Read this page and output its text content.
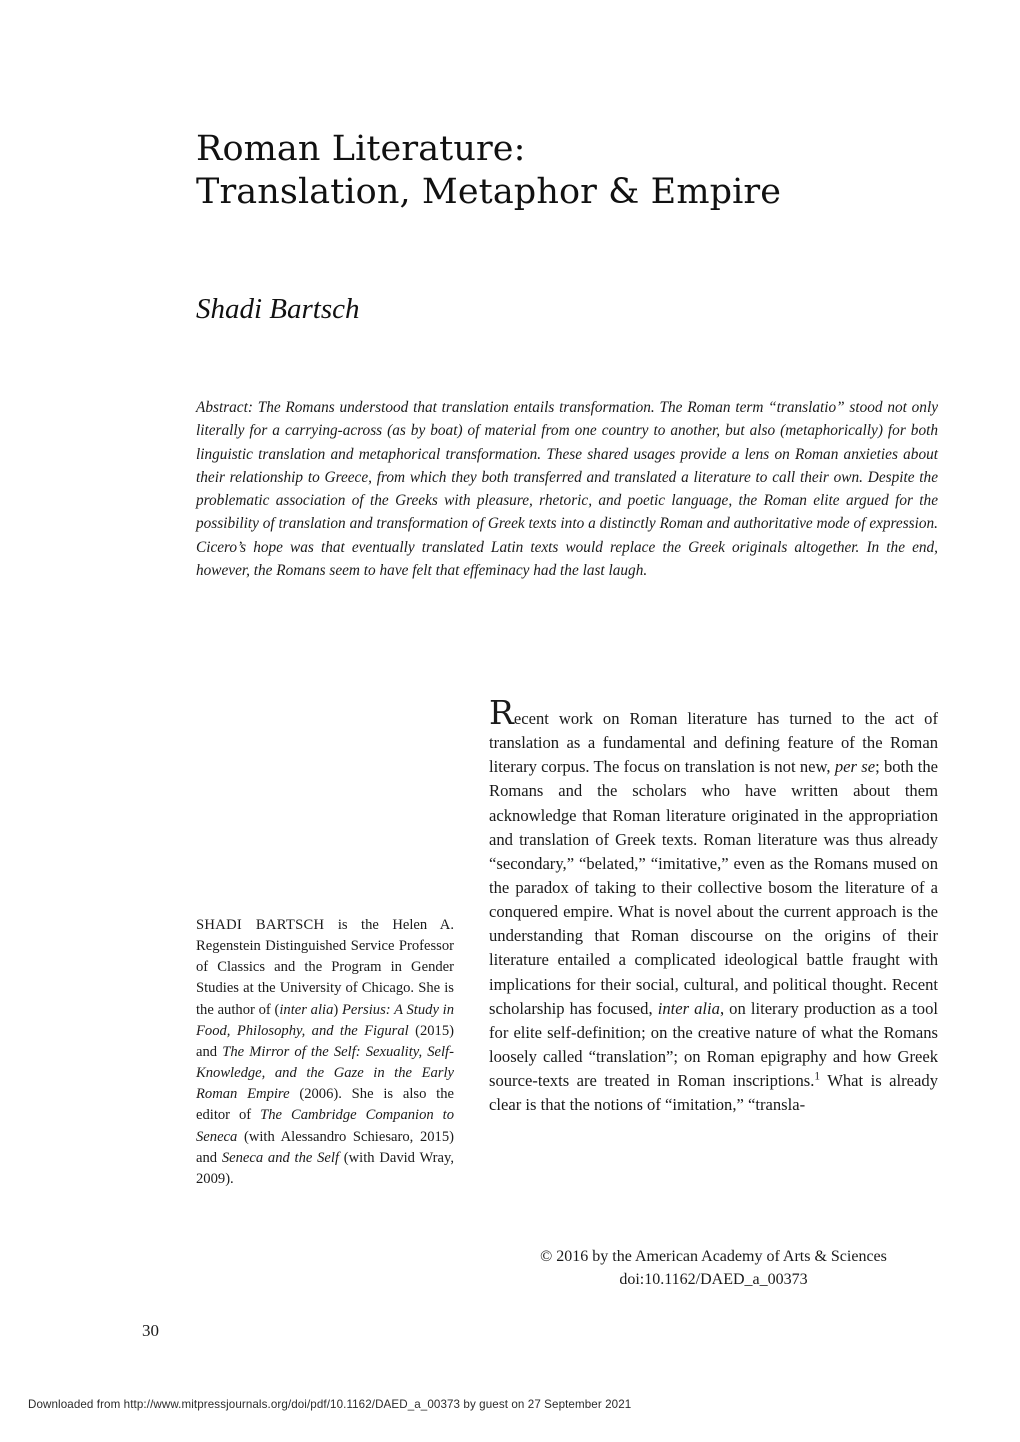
Roman Literature:
Translation, Metaphor & Empire
Shadi Bartsch
Abstract: The Romans understood that translation entails transformation. The Roman term “translatio” stood not only literally for a carrying-across (as by boat) of material from one country to another, but also (metaphorically) for both linguistic translation and metaphorical transformation. These shared usages provide a lens on Roman anxieties about their relationship to Greece, from which they both transferred and translated a literature to call their own. Despite the problematic association of the Greeks with pleasure, rhetoric, and poetic language, the Roman elite argued for the possibility of translation and transformation of Greek texts into a distinctly Roman and authoritative mode of expression. Cicero’s hope was that eventually translated Latin texts would replace the Greek originals altogether. In the end, however, the Romans seem to have felt that effeminacy had the last laugh.
SHADI BARTSCH is the Helen A. Regenstein Distinguished Service Professor of Classics and the Program in Gender Studies at the University of Chicago. She is the author of (inter alia) Persius: A Study in Food, Philosophy, and the Figural (2015) and The Mirror of the Self: Sexuality, Self-Knowledge, and the Gaze in the Early Roman Empire (2006). She is also the editor of The Cambridge Companion to Seneca (with Alessandro Schiesaro, 2015) and Seneca and the Self (with David Wray, 2009).
Recent work on Roman literature has turned to the act of translation as a fundamental and defining feature of the Roman literary corpus. The focus on translation is not new, per se; both the Romans and the scholars who have written about them acknowledge that Roman literature originated in the appropriation and translation of Greek texts. Roman literature was thus already “secondary,” “belated,” “imitative,” even as the Romans mused on the paradox of taking to their collective bosom the literature of a conquered empire. What is novel about the current approach is the understanding that Roman discourse on the origins of their literature entailed a complicated ideological battle fraught with implications for their social, cultural, and political thought. Recent scholarship has focused, inter alia, on literary production as a tool for elite self-definition; on the creative nature of what the Romans loosely called “translation”; on Roman epigraphy and how Greek source-texts are treated in Roman inscriptions.$^1$ What is already clear is that the notions of “imitation,” “transla-
© 2016 by the American Academy of Arts & Sciences
doi:10.1162/DAED_a_00373
30
Downloaded from http://www.mitpressjournals.org/doi/pdf/10.1162/DAED_a_00373 by guest on 27 September 2021
